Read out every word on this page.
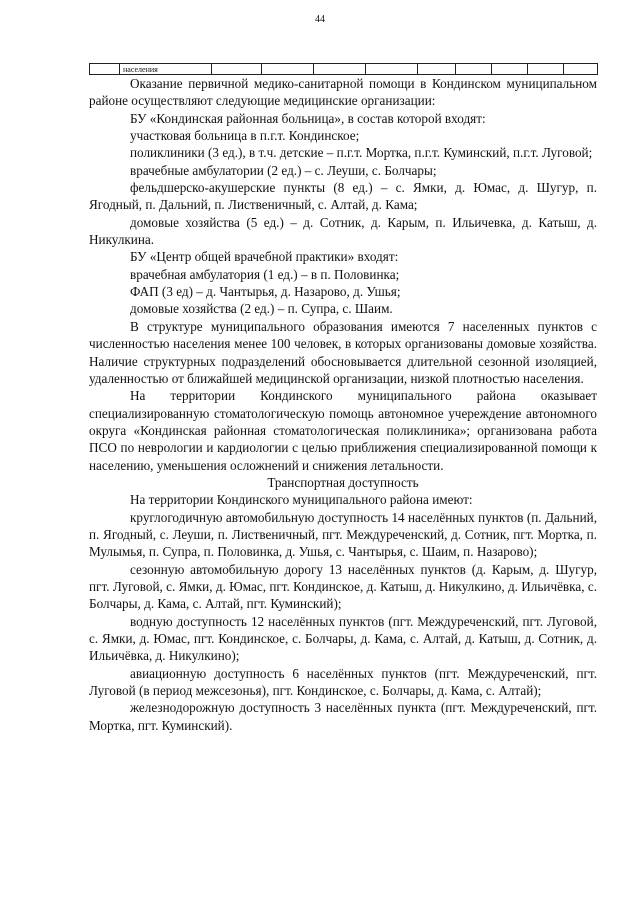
44
	населения									

Оказание первичной медико-санитарной помощи в Кондинском муниципальном районе осуществляют следующие медицинские организации:

БУ «Кондинская районная больница», в состав которой входят:

участковая больница в п.г.т. Кондинское;

поликлиники (3 ед.), в т.ч. детские – п.г.т. Мортка, п.г.т. Куминский, п.г.т. Луговой;

врачебные амбулатории (2 ед.) – с. Леуши, с. Болчары;

фельдшерско-акушерские пункты (8 ед.) – с. Ямки, д. Юмас, д. Шугур, п. Ягодный, п. Дальний, п. Лиственичный, с. Алтай, д. Кама;

домовые хозяйства (5 ед.) – д. Сотник, д. Карым, п. Ильичевка, д. Катыш, д. Никулкина.

БУ «Центр общей врачебной практики» входят:

врачебная амбулатория (1 ед.) – в п. Половинка;

ФАП (3 ед) – д. Чантырья, д. Назарово, д. Ушья;

домовые хозяйства (2 ед.) – п. Супра, с. Шаим.

В структуре муниципального образования имеются 7 населенных пунктов с численностью населения менее 100 человек, в которых организованы домовые хозяйства. Наличие структурных подразделений обосновывается длительной сезонной изоляцией, удаленностью от ближайшей медицинской организации, низкой плотностью населения.

На территории Кондинского муниципального района оказывает специализированную стоматологическую помощь автономное учереждение автономного округа «Кондинская районная стоматологическая поликлиника»; организована работа ПСО по неврологии и кардиологии с целью приближения специализированной помощи к населению, уменьшения осложнений и снижения летальности.

Транспортная доступность

На территории Кондинского муниципального района имеют:

круглогодичную автомобильную доступность 14 населённых пунктов (п. Дальний, п. Ягодный, с. Леуши, п. Лиственичный, пгт. Междуреченский, д. Сотник, пгт. Мортка, п. Мулымья, п. Супра, п. Половинка, д. Ушья, с. Чантырья, с. Шаим, п. Назарово);

сезонную автомобильную дорогу 13 населённых пунктов (д. Карым, д. Шугур, пгт. Луговой, с. Ямки, д. Юмас, пгт. Кондинское, д. Катыш, д. Никулкино, д. Ильичёвка, с. Болчары, д. Кама, с. Алтай, пгт. Куминский);

водную доступность 12 населённых пунктов (пгт. Междуреченский, пгт. Луговой, с. Ямки, д. Юмас, пгт. Кондинское, с. Болчары, д. Кама, с. Алтай, д. Катыш, д. Сотник, д. Ильичёвка, д. Никулкино);

авиационную доступность 6 населённых пунктов (пгт. Междуреченский, пгт. Луговой (в период межсезонья), пгт. Кондинское, с. Болчары, д. Кама, с. Алтай);

железнодорожную доступность 3 населённых пункта (пгт. Междуреченский, пгт. Мортка, пгт. Куминский).
